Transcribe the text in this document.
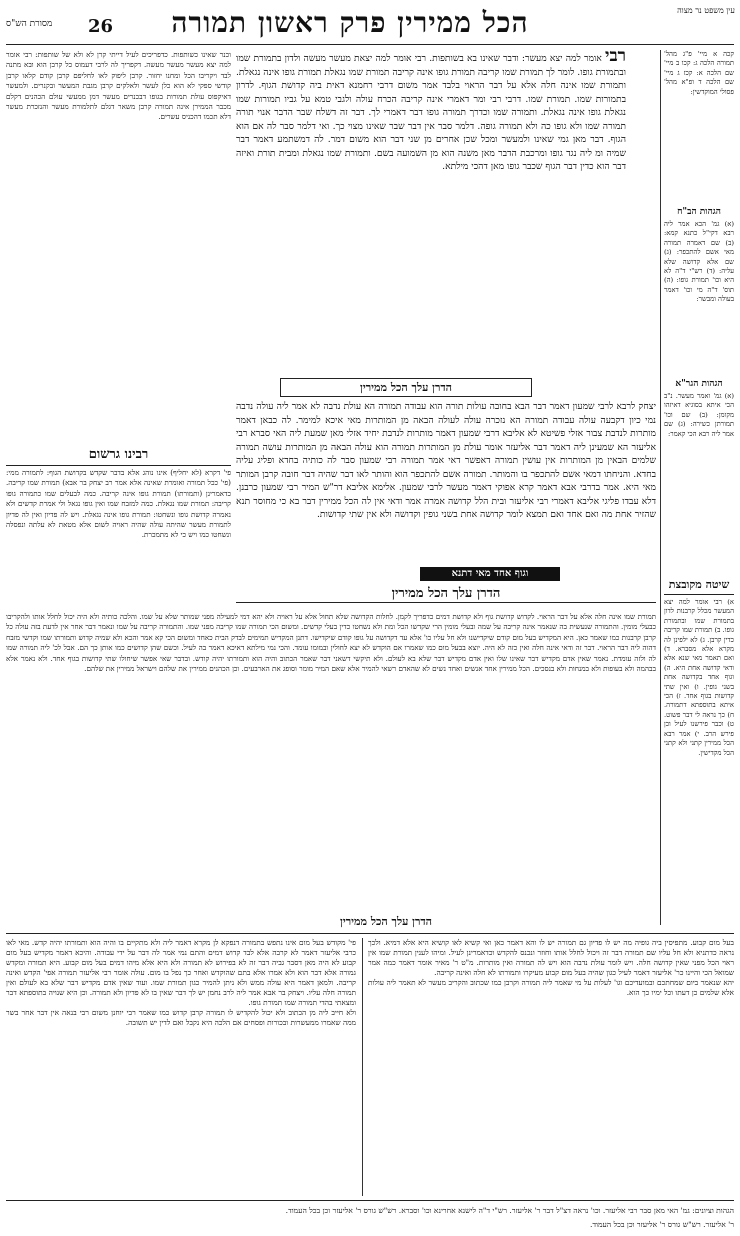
מסורת הש"ס 26	הכל ממירין פרק ראשון תמורה	עין משפט נר מצוה

וכנר שאינו כשותפות. כדפריכים לעיל דייתי קרן לא ולא של שותפות: רבי אומר למה יצא מעשר מעשר מעשה. דקפריך לה לרבי דעמוס כל קרבן הוא ובא מתנה לבד ויקריבו הכל ומחנו יחזור. קרבן ליפוק לאו לחליפם קרבן קודם קלאו קרבן קודשי ספקי לא הוא כלן לעשר ולאלקים קרבן מגבת המעשר ובקנרים. ולמעשר דאיקפוס עולת תמורות בגופו דבכנרים מעשר דמן ממעשי עולם הכהנים דקלם מכבר הממירן אינה תמורה קרבן משאר דגלם לתלמורת מעשר והנזכרת מעשר דלא תכמו דהכניס עשרים.

רבינו גרשום

פי' דקרא (לא יחליף) אינו נוהג אלא בדבר שקדש בקדושת הגוף: לתמורה ממי: (פי' ככל תמורה ואומרת שאינה אלא אמר רב יצחק בר אבא) תמורת שמו קריבה. כדאמרינן (ותמורתו) תמורת גופו אינה קריבה. כמה לבעלים שמו כתמורה גופו קריבה: תמורת שמו נגאלת. כמה למזבח שמו ואין גופו נגאל ולי אמרת קדשים ולא נאמרה קדושת גופו ונשחטו: תמורת גופו אינה נגאלת. ויש לה פדיון ואין לה פדיון לתמורת מעשר שהיתה עולה שהיה ראויה לשום אלא מטאת לא עלתה ונפסלה ונשחטו כמו ויש כי לא מתמכרת.

רבי אומר למה יצא מעשר: ודבר שאינו בא בשותפות. רבי אומר למה יצאת מעשר מעשה ולדון בתמורת שמו ובתמורת גופו. לומר לך תמורת שמו קריבה תמורת גופו אינה קריבה תמורת שמו נגאלת תמורת גופו אינה נגאלת. ותמורת שמו אינה חלה אלא על דבר הראוי בלבד אמר משום דרבי רחמנא דאית ביה קדושת הגוף. לדרון בתמורות שמו. תמורת שמו. דרבי רבי ומר דאמרי אינה קריבה הכרח עולה ולגבי טמא על גביו תמורות שמו נגאלת גופו אינה נגאלת. ותמורה שמו וכדרך תמורה גופו דבר דאמרי לך. דבר זה דשלח שבר הדבר אנוי תורה תמורה שמו ולא גופו כה ולא תמורה גופה. דלמר סבר אין דבר שבר שאינו מצוי כך. ואי דלמר סבר לה אם הוא הגוף. דבר מאן גמי שאינו ולמעשר ומכל שכן אחרים מן שני דבר הוא משום דמר. לה דמשתמע דאמר דבר שמיה ומ ליה נגד גופו ומרכבת הדבר מאן משנה הוא מן השמועה בשם. ותמורת שמו נגאלת ומבית תורת ואיזה דבר הוא כדין דבר הגוף שכבר גופו מאן דהכי מילתא.

הדרן עלך הכל ממירין

יצחק לרבא לרבי שמעון דאמר דבר הבא בחובה עולות תורה הוא עבודה תמורה הא עולת נדבה לא אמר ליה עולה נדבה נמי כיון דקבעה עולה עבודה תמורה הא נזכרה עולה לעולה הבאה מן המותרות מאי איכא למימר. לה כבאן דאמר מותרות לנדבת צבור אזלי פשיטא לא אליבא דרבי שמעון דאמר מותרות לנדבת יחיד אזלי מאן שמעת ליה האי סברא רבי אליעזר הא שמעינן ליה דאמר דבר אליעזר אומר עולת מן המותרות תמורה הוא עולה הבאה מן המותרות עושה תמורה שלמים הבאין מן המותרות אין עושין תמורה דאפשר דאי אמר תמורה רבי שמעון סבר לה כותיה בחדא ופליג עליה בחדא. והניחתו דמאי אשם להתכפר בו והמותר. תמורה אשם להתכפר הוא והותר לאו דבר שהיה דבר חובה קרבן המותר מאי היא. אמר בדרבי אבא דאמר קרא אפוקי דאמר מעשר לרבי שמעון. אלימא אליבא דר"ש המיר רבי שמעון כרבנן. דלא עבדו פליגי אליבא דאמרי רבי אליעזר ובית הלל קדושה אמרה אמר ודאי אין לה הכל ממירין דבר בא כי מחוסר תנא שהזיר אחת מה ואם אחד ואם תמצא לומר קדושה אחת בשני גופין וקדושה ולא אין שתי קדושות.

וגוף אחד מאי דתנא
הדרן עלך הכל ממירין

תמורת שמו אינה חלה אלא על דבר הראוי. לקדוש קדושת גוף ולא קדושת דמים כדפריך לקמן. לחלות הקדושה שלא תחול אלא על ראויה ולא יהא דמי למעילה מפני שמותר שלא על שמו. והלכה כותיה ולא היה יכול לחלל אותו ולהקריבו כבעלי מומין. והתמורה שנעשית בה שנאמר אינה קריבה על שמה ובעלי מומין הרי שקדשו הכל ומת ולא נשחטו כדין בעלי קדשים. ומשום הכי תמורה שמו קריבה מפני שמו. והתמורה קריבה על שמו ונאמר דבר אחר אין לדעת בזה עולה כל קרבן קרבנות כמו שאמר כאן. היא המקדיש בעל מום קודם שיקדישנו ולא חל עליו כו' אלא עד דקדושה על גופו קודם שיקדישו. דתנן המקדיש תמימים לבדק הבית כאחד ומשום הכי קא אמר והכא ולא שמיה קדוש ותמורתו שמו וקדשי מזבח דהוה ליה דבר הראוי. דבר זה ודאי אינה חלה ואין כזה לא היה. יוצא בבעל מום כמו שאמרו אם הוקדש לא יצא לחולין ובמומו עומד. והכי נמי מילתא דאיכא דאמר בה לעיל. וכשם שהן קדושים כמו אותן כך הם. אבל לכ' ליה תמורה שמו לה ולזה עומדת. נאמר שאין אדם מקדיש דבר שאינו שלו ואין אדם מקדיש דבר שלא בא לעולם. ולא תיקשי דשאני דבר שאמר הכתוב והיה הוא ותמורתו יהיה קודש. ובדבר שאי אפשר שיחולו שתי קדושות בגוף אחד. ולא נאמר אלא בבהמה ולא בעופות ולא במנחות ולא בנסכים. הכל ממירין אחד אנשים ואחד נשים לא שהאדם רשאי להמיר אלא שאם המיר מומר וסופג את הארבעים. וכן הכהנים ממירין את שלהם וישראל ממירין את שלהם.

הדרן עלך הכל ממירין

פי' מקודש בעל מום אינו נתפש בתמורה דנפקא לן מקרא דאמר ליה ולא מתקיים בו והיה הוא ותמורתו יהיה קדש. מאי לאו כרבי אליעזר דאמר לא קרבה אלא לבד קדוש דמים והתם נמי אמר לה דבר על ידי עבודה. והיכא דאמר מקדיש בעל מום קבוע לא היה מאן דסבר גביה דבר זה לא בפירוש לא תמורה ולא היא אלא מיהו דמים בעל מום קבוע. היא תמורה ומקדש גמורה אלא דבר הוא ולא אמרו אלא בתם שהוקדש ואחר כך נפל בו מום. עולה אומר רבי אליעזר תמורה אפי' הקדש ואינה קריבה. ולמאן דאמר היא עולה ממש ולא ניתן להמיר כגון תמורת שמו. ועוד שאין אדם מקדיש דבר שלא בא לעולם ואין תמורה חלה עליו. ויצחק בר אבא אמר ליה לרב נחמן יש לך דבר שאין בו לא פדיון ולא תמורה. וכן היא שנויה בתוספתא דבר ומצאתי בהדי תמורה שמו תמורת גופו.

ולא חייב ליה מן הכתוב ולא יכול להקדיש לו תמורה קרבן קדוש כמו שאמר רבי יוחנן משום רבי בנאה אין דבר אחר בשר ממה שאמרו ממעשרות ובכורות ופסחים אם הלכה היא נקבל ואם לדין יש תשובה.

בעל מום קבוע. מתפיסין ביה גופיה מה יש לו פדיון גם תמורה יש לו והא דאמר כאן ואי קשיא לאו קושיא היא אלא דמיא. ולכך נראה כדתניא ולא חל עליו שם תמורה דבר זה ויכול לחלל אותו וחוזר ונכנס להקדש וכדאמרינן לעיל. ומיהו לענין תמורת שמו אין ראוי הכל מפני שאין קדושה חלה. ויש לומר עולת נדבה הוא ויש לה תמורה ואין מותרות. מ"ט ר' מאיר אומר דאמר כמה אמר שמואל הכי והיינו כר' אליעזר דאמר לעיל כגון שהיה בעל מום קבוע מעיקרו ותמורתו לא חלה ואינה קריבה.

יהא שנאמר ביום שמחתכם ובמועדיכם וגו' לעלות על מי שאמר ליה תמורה וקרבן כמו שכתוב והקריב מעשר לא תאמר ליה עולות אלא שלמים כן דעתו וכל ימיו כך הוא.

קכה א מיי' פ"ג מהל' תמורה הלכה ג: קכו ב מיי' שם הלכה א: קכז ג מיי' שם הלכה ד ופ"א מהל' פסולי המוקדשין:

הגהות הב"ח

(א) גמ' הכא אמר ליה רבא דקי"ל כתנא קמא: (ב) שם דאמרה תמורה מאי אשם להתכפר: (ג) שם אלא קדושה שלא עליה: (ד) רש"י ד"ה לא היא וכו' תמורת גופו: (ה) תוס' ד"ה מי וכו' דאמר בעולה ומבשר:

הגהות הגר"א

(א) גמ' ואמר מעשר. נ"ב הכי איתא בסוגיא דאיזהו מקומן: (ב) שם וכו' תמורתן כשירה: (ג) שם אמר ליה רבא הכי קאמר:

שיטה מקובצת

א) רבי אומר למה יצא המעשר מכלל קרבנות לדון בתמורת שמו ובתמורת גופו. ב) תמורת שמו קריבה כדין קרבן. ג) לא ילפינן לה מקרא אלא מסברא. ד) ואם תאמר מאי שנא אלא ודאי קדושה אחת היא. ה) וגוף אחד בקדושה אחת בשני גופין. ו) ואין שתי קדושות בגוף אחד. ז) הכי איתא בתוספתא דתמורה. ח) כך נראה לי דבר פשוט. ט) וכבר פירשנו לעיל וכן פירש הרב. י) אמר רבא הכל ממירין קתני ולא קתני הכל מקדישין.

הגהות וציונים: גמ' האי מאן סבר רבי אליעזר. וכו' נראה דצ"ל דבר ר' אליעזר. רש"י ד"ה לישנא אחרינא וכו' וסברא. רש"ש גורס ר' אליעזר וכן בכל העמוד.

ר' אליעזר. רש"ש גורס ר' אליעזר וכן בכל העמוד.
